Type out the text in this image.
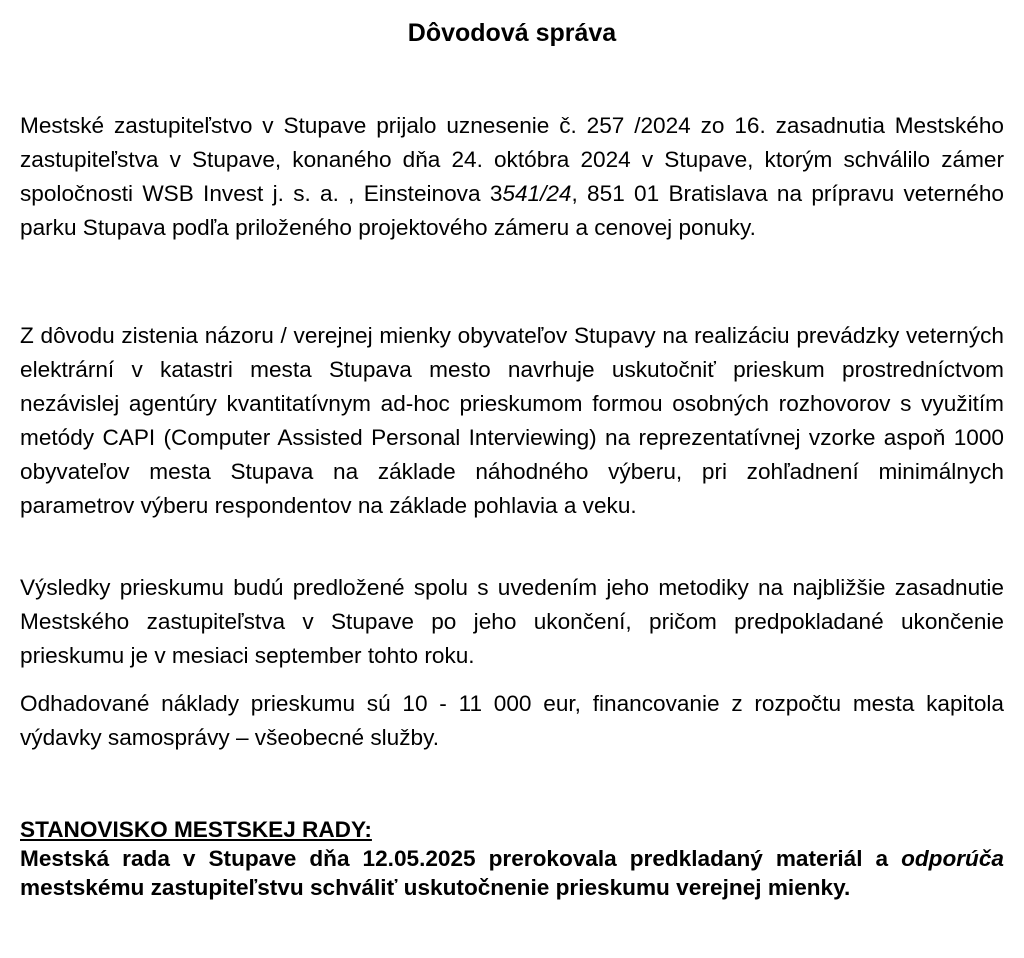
Dôvodová správa

Mestské zastupiteľstvo v Stupave prijalo uznesenie č. 257 /2024 zo 16. zasadnutia Mestského zastupiteľstva v Stupave, konaného dňa 24. októbra 2024 v Stupave, ktorým schválilo zámer spoločnosti WSB Invest j. s. a. , Einsteinova 3541/24, 851 01 Bratislava na prípravu veterného parku Stupava podľa priloženého projektového zámeru a cenovej ponuky.

Z dôvodu zistenia názoru / verejnej mienky obyvateľov Stupavy na realizáciu prevádzky veterných elektrární v katastri mesta Stupava mesto navrhuje uskutočniť prieskum prostredníctvom nezávislej agentúry kvantitatívnym ad-hoc prieskumom formou osobných rozhovorov s využitím metódy CAPI (Computer Assisted Personal Interviewing) na reprezentatívnej vzorke aspoň 1000 obyvateľov mesta Stupava na základe náhodného výberu, pri zohľadnení minimálnych parametrov výberu respondentov na základe pohlavia a veku.

Výsledky prieskumu budú predložené spolu s uvedením jeho metodiky na najbližšie zasadnutie Mestského zastupiteľstva v Stupave po jeho ukončení, pričom predpokladané ukončenie prieskumu je v mesiaci september tohto roku.

Odhadované náklady prieskumu sú 10 - 11 000 eur, financovanie z rozpočtu mesta kapitola výdavky samosprávy – všeobecné služby.

STANOVISKO MESTSKEJ RADY:
Mestská rada v Stupave dňa 12.05.2025 prerokovala predkladaný materiál a odporúča mestskému zastupiteľstvu schváliť uskutočnenie prieskumu verejnej mienky.
